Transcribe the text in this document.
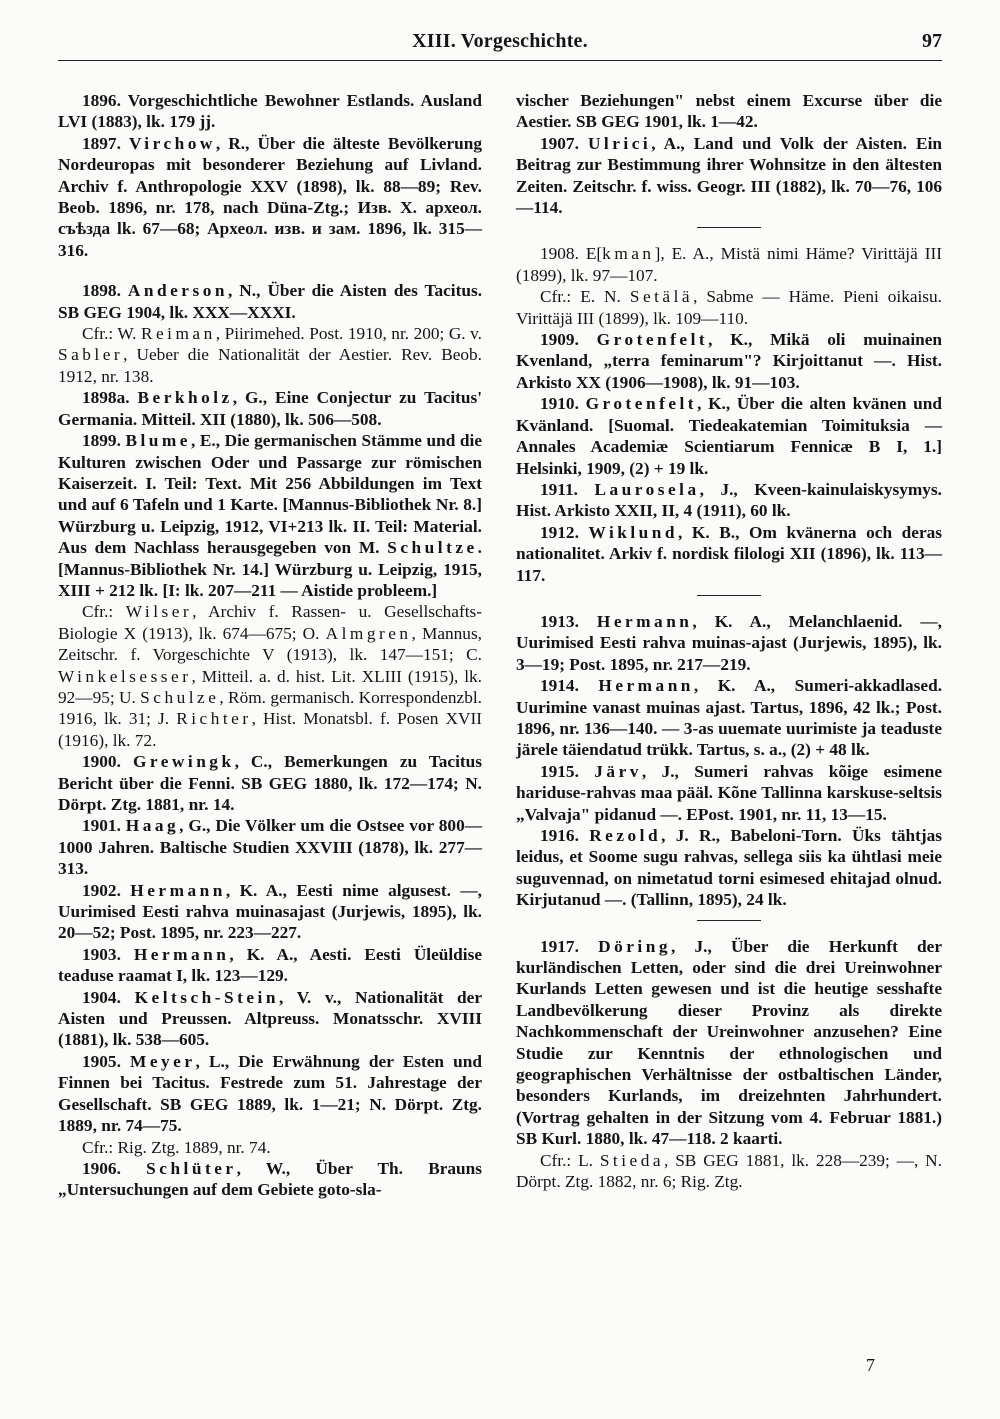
XIII. Vorgeschichte.	97

1896. Vorgeschichtliche Bewohner Estlands. Ausland LVI (1883), lk. 179 jj.

1897. Virchow, R., Über die älteste Bevölkerung Nordeuropas mit besonderer Beziehung auf Livland. Archiv f. Anthropologie XXV (1898), lk. 88—89; Rev. Beob. 1896, nr. 178, nach Düna-Ztg.; Изв. X. археол. съѣзда lk. 67—68; Археол. изв. и зам. 1896, lk. 315—316.

1898. Anderson, N., Über die Aisten des Tacitus. SB GEG 1904, lk. XXX—XXXI.

Cfr.: W. Reiman, Piirimehed. Post. 1910, nr. 200; G. v. Sabler, Ueber die Nationalität der Aestier. Rev. Beob. 1912, nr. 138.

1898a. Berkholz, G., Eine Conjectur zu Tacitus' Germania. Mitteil. XII (1880), lk. 506—508.

1899. Blume, E., Die germanischen Stämme und die Kulturen zwischen Oder und Passarge zur römischen Kaiserzeit. I. Teil: Text. Mit 256 Abbildungen im Text und auf 6 Tafeln und 1 Karte. [Mannus-Bibliothek Nr. 8.] Würzburg u. Leipzig, 1912, VI+213 lk. II. Teil: Material. Aus dem Nachlass herausgegeben von M. Schultze. [Mannus-Bibliothek Nr. 14.] Würzburg u. Leipzig, 1915, XIII + 212 lk. [I: lk. 207—211 — Aistide probleem.]

Cfr.: Wilser, Archiv f. Rassen- u. Gesellschafts-Biologie X (1913), lk. 674—675; O. Almgren, Mannus, Zeitschr. f. Vorgeschichte V (1913), lk. 147—151; C. Winkelsesser, Mitteil. a. d. hist. Lit. XLIII (1915), lk. 92—95; U. Schulze, Röm. germanisch. Korrespondenzbl. 1916, lk. 31; J. Richter, Hist. Monatsbl. f. Posen XVII (1916), lk. 72.

1900. Grewingk, C., Bemerkungen zu Tacitus Bericht über die Fenni. SB GEG 1880, lk. 172—174; N. Dörpt. Ztg. 1881, nr. 14.

1901. Haag, G., Die Völker um die Ostsee vor 800—1000 Jahren. Baltische Studien XXVIII (1878), lk. 277—313.

1902. Hermann, K. A., Eesti nime algusest. —, Uurimised Eesti rahva muinasajast (Jurjewis, 1895), lk. 20—52; Post. 1895, nr. 223—227.

1903. Hermann, K. A., Aesti. Eesti Üleüldise teaduse raamat I, lk. 123—129.

1904. Keltsch-Stein, V. v., Nationalität der Aisten und Preussen. Altpreuss. Monatsschr. XVIII (1881), lk. 538—605.

1905. Meyer, L., Die Erwähnung der Esten und Finnen bei Tacitus. Festrede zum 51. Jahrestage der Gesellschaft. SB GEG 1889, lk. 1—21; N. Dörpt. Ztg. 1889, nr. 74—75.

Cfr.: Rig. Ztg. 1889, nr. 74.

1906. Schlüter, W., Über Th. Brauns „Untersuchungen auf dem Gebiete goto-sla-

vischer Beziehungen" nebst einem Excurse über die Aestier. SB GEG 1901, lk. 1—42.

1907. Ulrici, A., Land und Volk der Aisten. Ein Beitrag zur Bestimmung ihrer Wohnsitze in den ältesten Zeiten. Zeitschr. f. wiss. Geogr. III (1882), lk. 70—76, 106—114.

1908. E[kman], E. A., Mistä nimi Häme? Virittäjä III (1899), lk. 97—107.

Cfr.: E. N. Setälä, Sabme — Häme. Pieni oikaisu. Virittäjä III (1899), lk. 109—110.

1909. Grotenfelt, K., Mikä oli muinainen Kvenland, „terra feminarum"? Kirjoittanut —. Hist. Arkisto XX (1906—1908), lk. 91—103.

1910. Grotenfelt, K., Über die alten kvänen und Kvänland. [Suomal. Tiedeakatemian Toimituksia — Annales Academiæ Scientiarum Fennicæ B I, 1.] Helsinki, 1909, (2) + 19 lk.

1911. Laurosela, J., Kveen-kainulaiskysymys. Hist. Arkisto XXII, II, 4 (1911), 60 lk.

1912. Wiklund, K. B., Om kvänerna och deras nationalitet. Arkiv f. nordisk filologi XII (1896), lk. 113—117.

1913. Hermann, K. A., Melanchlaenid. —, Uurimised Eesti rahva muinas-ajast (Jurjewis, 1895), lk. 3—19; Post. 1895, nr. 217—219.

1914. Hermann, K. A., Sumeri-akkadlased. Uurimine vanast muinas ajast. Tartus, 1896, 42 lk.; Post. 1896, nr. 136—140. — 3-as uuemate uurimiste ja teaduste järele täiendatud trükk. Tartus, s. a., (2) + 48 lk.

1915. Järv, J., Sumeri rahvas kõige esimene hariduse-rahvas maa pääl. Kõne Tallinna karskuse-seltsis „Valvaja" pidanud —. EPost. 1901, nr. 11, 13—15.

1916. Rezold, J. R., Babeloni-Torn. Üks tähtjas leidus, et Soome sugu rahvas, sellega siis ka ühtlasi meie suguvennad, on nimetatud torni esimesed ehitajad olnud. Kirjutanud —. (Tallinn, 1895), 24 lk.

1917. Döring, J., Über die Herkunft der kurländischen Letten, oder sind die drei Ureinwohner Kurlands Letten gewesen und ist die heutige sesshafte Landbevölkerung dieser Provinz als direkte Nachkommenschaft der Ureinwohner anzusehen? Eine Studie zur Kenntnis der ethnologischen und geographischen Verhältnisse der ostbaltischen Länder, besonders Kurlands, im dreizehnten Jahrhundert. (Vortrag gehalten in der Sitzung vom 4. Februar 1881.) SB Kurl. 1880, lk. 47—118. 2 kaarti.

Cfr.: L. Stieda, SB GEG 1881, lk. 228—239; —, N. Dörpt. Ztg. 1882, nr. 6; Rig. Ztg.

7
